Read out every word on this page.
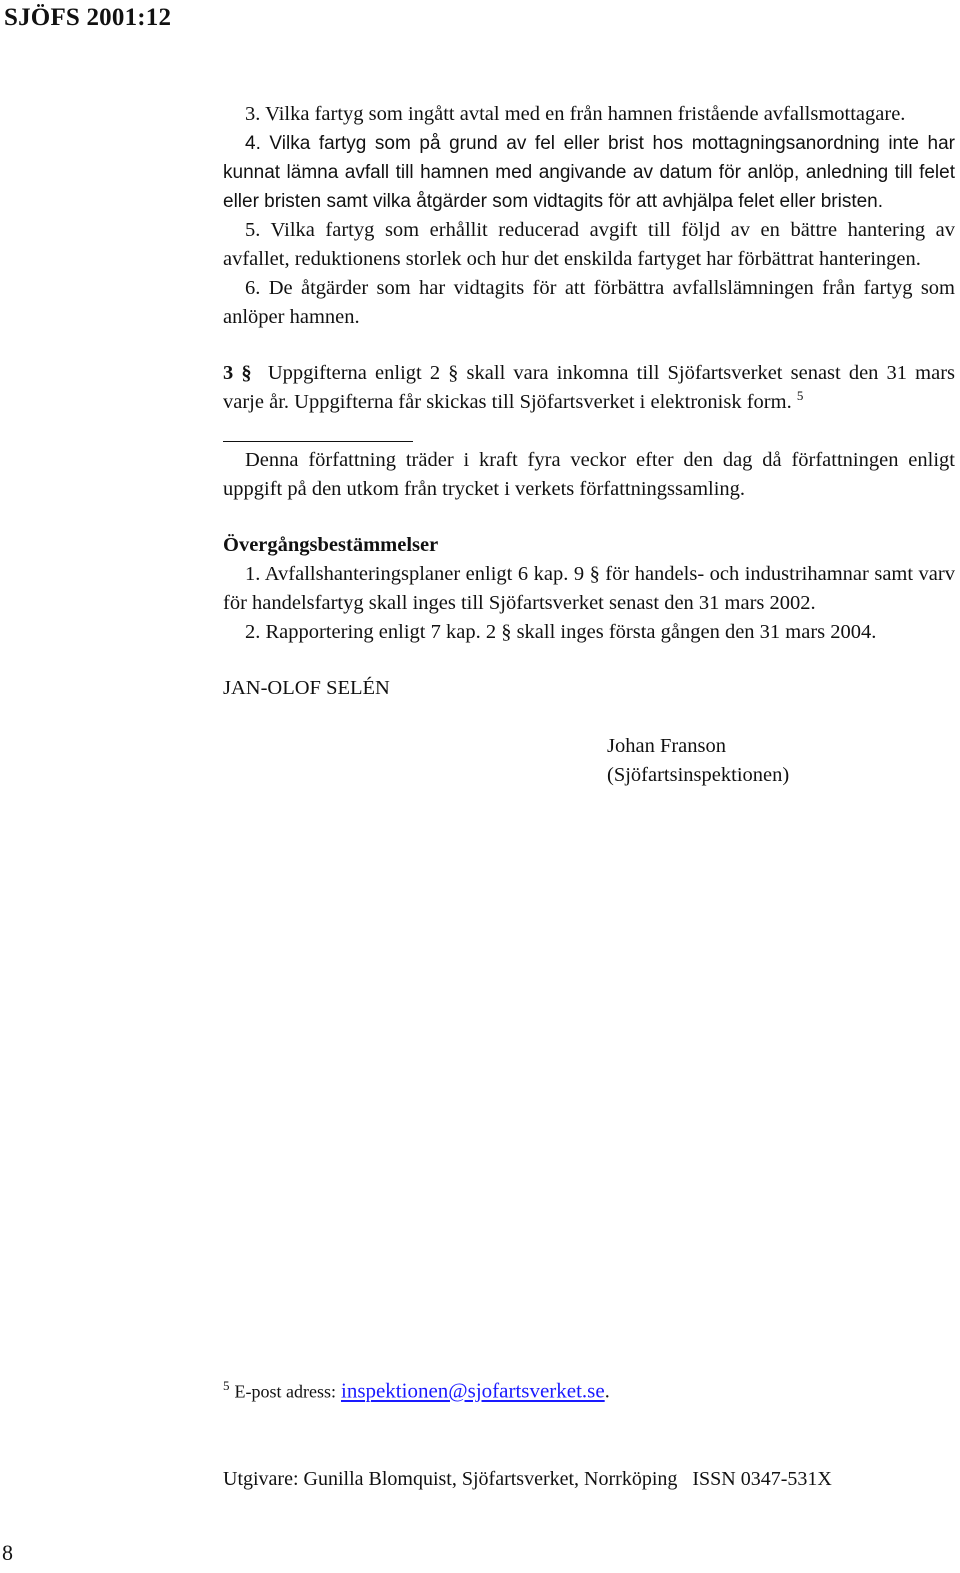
SJÖFS 2001:12

3. Vilka fartyg som ingått avtal med en från hamnen fristående avfallsmottagare.

4. Vilka fartyg som på grund av fel eller brist hos mottagningsanordning inte har kunnat lämna avfall till hamnen med angivande av datum för anlöp, anledning till felet eller bristen samt vilka åtgärder som vidtagits för att avhjälpa felet eller bristen.

5. Vilka fartyg som erhållit reducerad avgift till följd av en bättre hantering av avfallet, reduktionens storlek och hur det enskilda fartyget har förbättrat hanteringen.

6. De åtgärder som har vidtagits för att förbättra avfallslämningen från fartyg som anlöper hamnen.

3 § Uppgifterna enligt 2 § skall vara inkomna till Sjöfartsverket senast den 31 mars varje år. Uppgifterna får skickas till Sjöfartsverket i elektronisk form. $^5$

Denna författning träder i kraft fyra veckor efter den dag då författningen enligt uppgift på den utkom från trycket i verkets författningssamling.

Övergångsbestämmelser

1. Avfallshanteringsplaner enligt 6 kap. 9 § för handels- och industrihamnar samt varv för handelsfartyg skall inges till Sjöfartsverket senast den 31 mars 2002.

2. Rapportering enligt 7 kap. 2 § skall inges första gången den 31 mars 2004.

JAN-OLOF SELÉN
Johan Franson
(Sjöfartsinspektionen)
$^5$ E-post adress: inspektionen@sjofartsverket.se.
Utgivare: Gunilla Blomquist, Sjöfartsverket, Norrköping   ISSN 0347-531X
8
